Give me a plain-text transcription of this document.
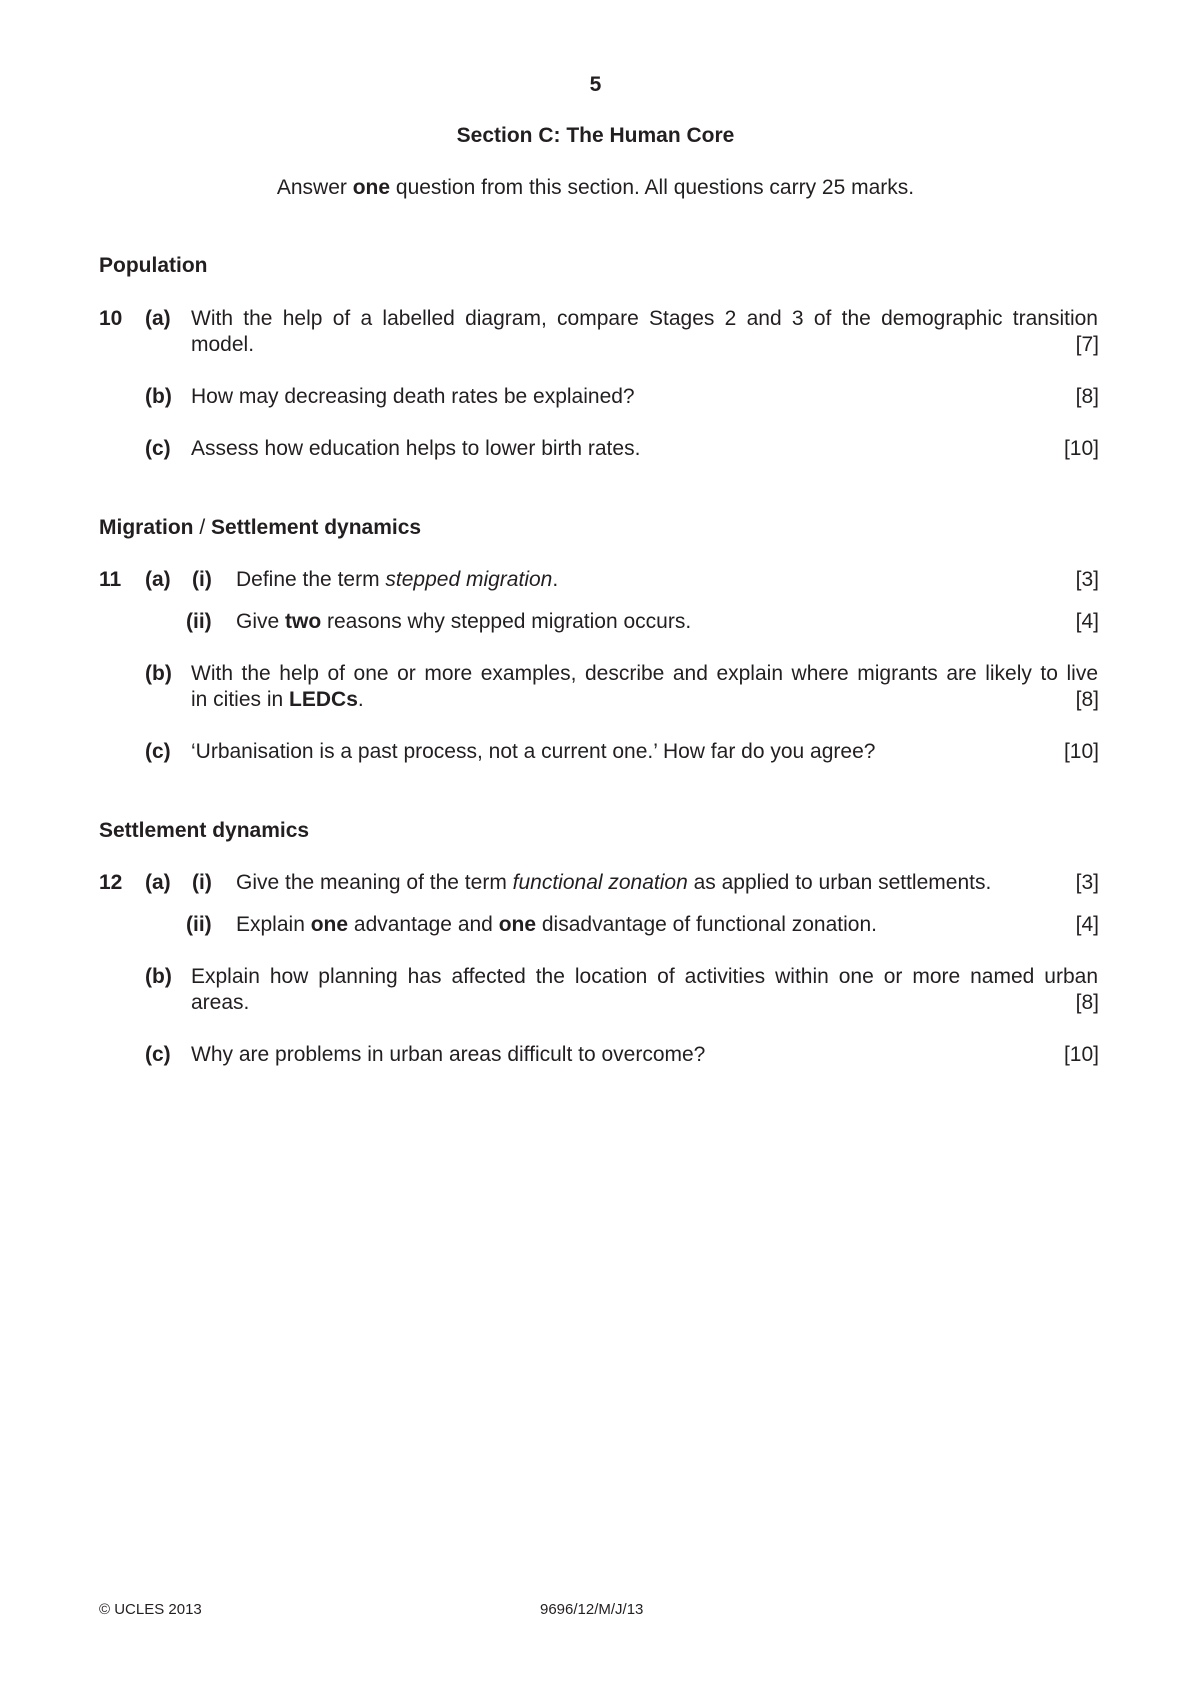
5
Section C: The Human Core
Answer one question from this section. All questions carry 25 marks.
Population
10 (a) With the help of a labelled diagram, compare Stages 2 and 3 of the demographic transition
model.	[7]
(b) How may decreasing death rates be explained?	[8]
(c) Assess how education helps to lower birth rates.	[10]
Migration / Settlement dynamics
11 (a) (i) Define the term stepped migration.	[3]
(ii) Give two reasons why stepped migration occurs.	[4]
(b) With the help of one or more examples, describe and explain where migrants are likely to live
in cities in LEDCs.	[8]
(c) ‘Urbanisation is a past process, not a current one.’ How far do you agree?	[10]
Settlement dynamics
12 (a) (i) Give the meaning of the term functional zonation as applied to urban settlements.	[3]
(ii) Explain one advantage and one disadvantage of functional zonation.	[4]
(b) Explain how planning has affected the location of activities within one or more named urban
areas.	[8]
(c) Why are problems in urban areas difficult to overcome?	[10]
© UCLES 2013	9696/12/M/J/13
